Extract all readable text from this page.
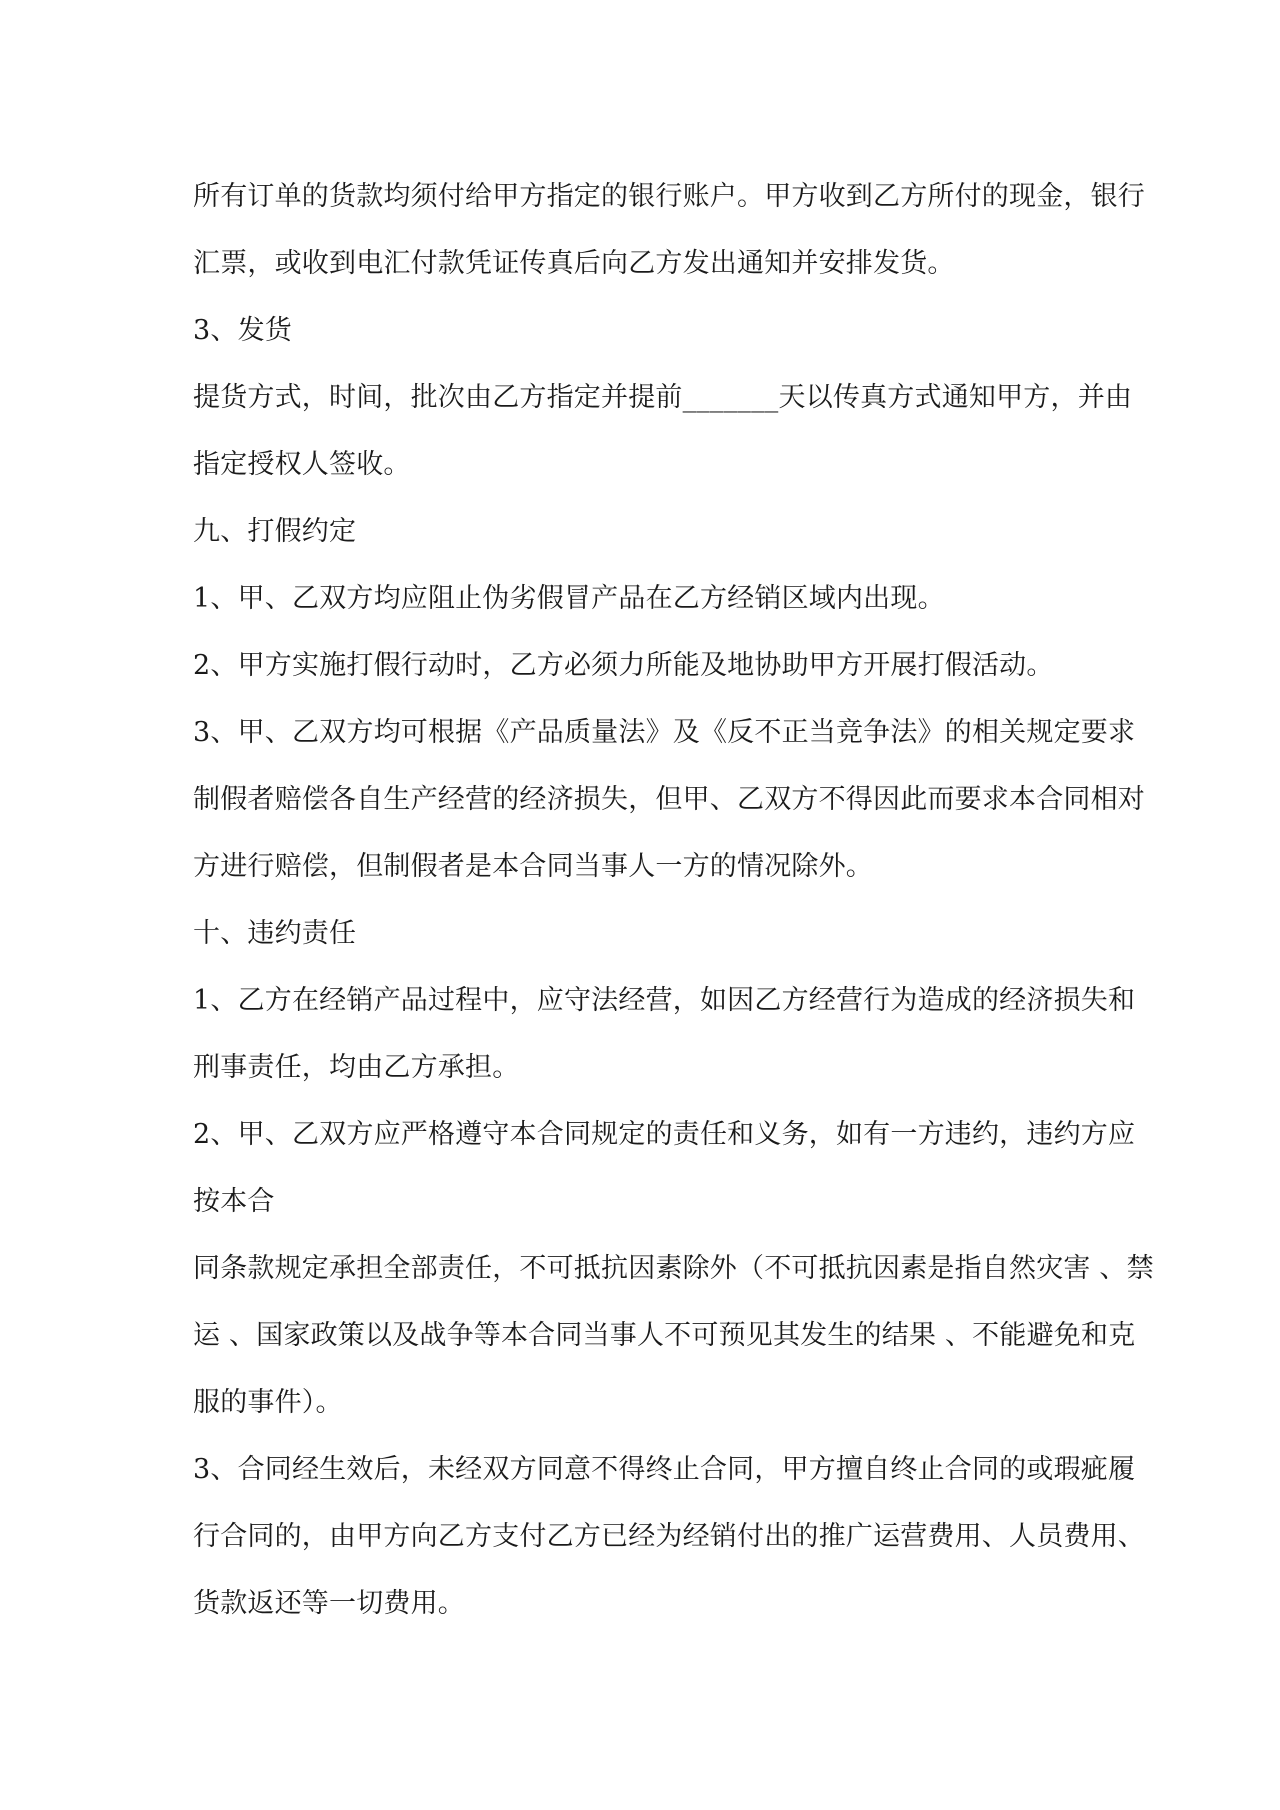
所有订单的货款均须付给甲方指定的银行账户。甲方收到乙方所付的现金，银行
汇票，或收到电汇付款凭证传真后向乙方发出通知并安排发货。
3、发货
提货方式，时间，批次由乙方指定并提前_______天以传真方式通知甲方，并由
指定授权人签收。
九、打假约定
1、甲、乙双方均应阻止伪劣假冒产品在乙方经销区域内出现。
2、甲方实施打假行动时，乙方必须力所能及地协助甲方开展打假活动。
3、甲、乙双方均可根据《产品质量法》及《反不正当竞争法》的相关规定要求
制假者赔偿各自生产经营的经济损失，但甲、乙双方不得因此而要求本合同相对
方进行赔偿，但制假者是本合同当事人一方的情况除外。
十、违约责任
1、乙方在经销产品过程中，应守法经营，如因乙方经营行为造成的经济损失和
刑事责任，均由乙方承担。
2、甲、乙双方应严格遵守本合同规定的责任和义务，如有一方违约，违约方应
按本合
同条款规定承担全部责任，不可抵抗因素除外（不可抵抗因素是指自然灾害 、禁
运 、国家政策以及战争等本合同当事人不可预见其发生的结果 、不能避免和克
服的事件）。
3、合同经生效后，未经双方同意不得终止合同，甲方擅自终止合同的或瑕疵履
行合同的，由甲方向乙方支付乙方已经为经销付出的推广运营费用、人员费用、
货款返还等一切费用。
